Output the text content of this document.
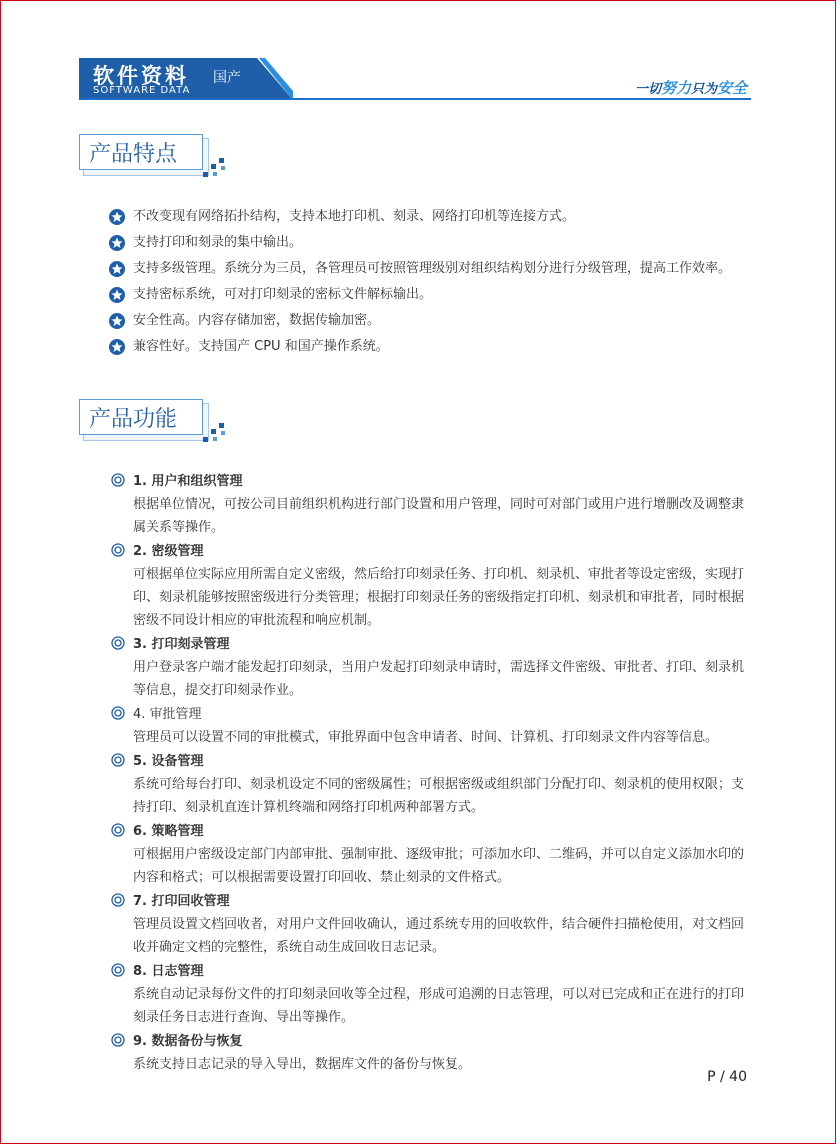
软件资料 国产
SOFTWARE DATA	一切努力只为安全
产品特点
不改变现有网络拓扑结构，支持本地打印机、刻录、网络打印机等连接方式。
支持打印和刻录的集中输出。
支持多级管理。系统分为三员，各管理员可按照管理级别对组织结构划分进行分级管理，提高工作效率。
支持密标系统，可对打印刻录的密标文件解标输出。
安全性高。内容存储加密，数据传输加密。
兼容性好。支持国产 CPU 和国产操作系统。
产品功能
1. 用户和组织管理
根据单位情况，可按公司目前组织机构进行部门设置和用户管理，同时可对部门或用户进行增删改及调整隶属关系等操作。
2. 密级管理
可根据单位实际应用所需自定义密级，然后给打印刻录任务、打印机、刻录机、审批者等设定密级，实现打印、刻录机能够按照密级进行分类管理；根据打印刻录任务的密级指定打印机、刻录机和审批者，同时根据密级不同设计相应的审批流程和响应机制。
3. 打印刻录管理
用户登录客户端才能发起打印刻录，当用户发起打印刻录申请时，需选择文件密级、审批者、打印、刻录机等信息，提交打印刻录作业。
4. 审批管理
管理员可以设置不同的审批模式，审批界面中包含申请者、时间、计算机、打印刻录文件内容等信息。
5. 设备管理
系统可给每台打印、刻录机设定不同的密级属性；可根据密级或组织部门分配打印、刻录机的使用权限；支持打印、刻录机直连计算机终端和网络打印机两种部署方式。
6. 策略管理
可根据用户密级设定部门内部审批、强制审批、逐级审批；可添加水印、二维码，并可以自定义添加水印的内容和格式；可以根据需要设置打印回收、禁止刻录的文件格式。
7. 打印回收管理
管理员设置文档回收者，对用户文件回收确认，通过系统专用的回收软件，结合硬件扫描枪使用，对文档回收并确定文档的完整性，系统自动生成回收日志记录。
8. 日志管理
系统自动记录每份文件的打印刻录回收等全过程，形成可追溯的日志管理，可以对已完成和正在进行的打印刻录任务日志进行查询、导出等操作。
9. 数据备份与恢复
系统支持日志记录的导入导出，数据库文件的备份与恢复。
P / 40
